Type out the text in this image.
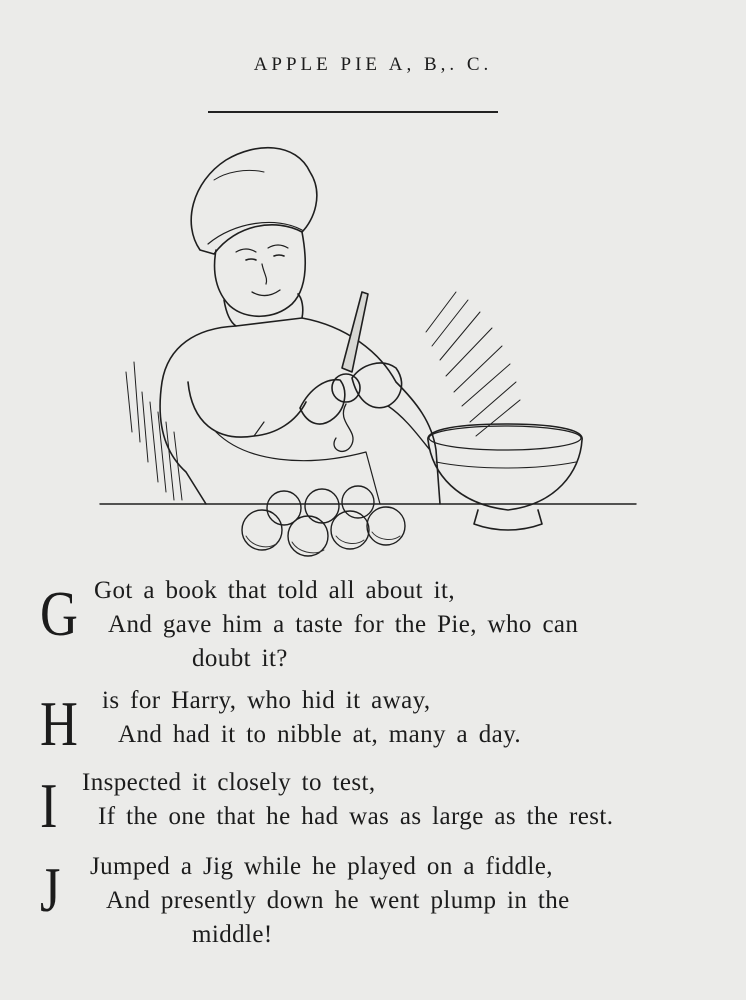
APPLE PIE A, B,. C.
G Got a book that told all about it,
And gave him a taste for the Pie, who can
doubt it?
H is for Harry, who hid it away,
And had it to nibble at, many a day.
I Inspected it closely to test,
If the one that he had was as large as the rest.
J Jumped a Jig while he played on a fiddle,
And presently down he went plump in the
middle!
